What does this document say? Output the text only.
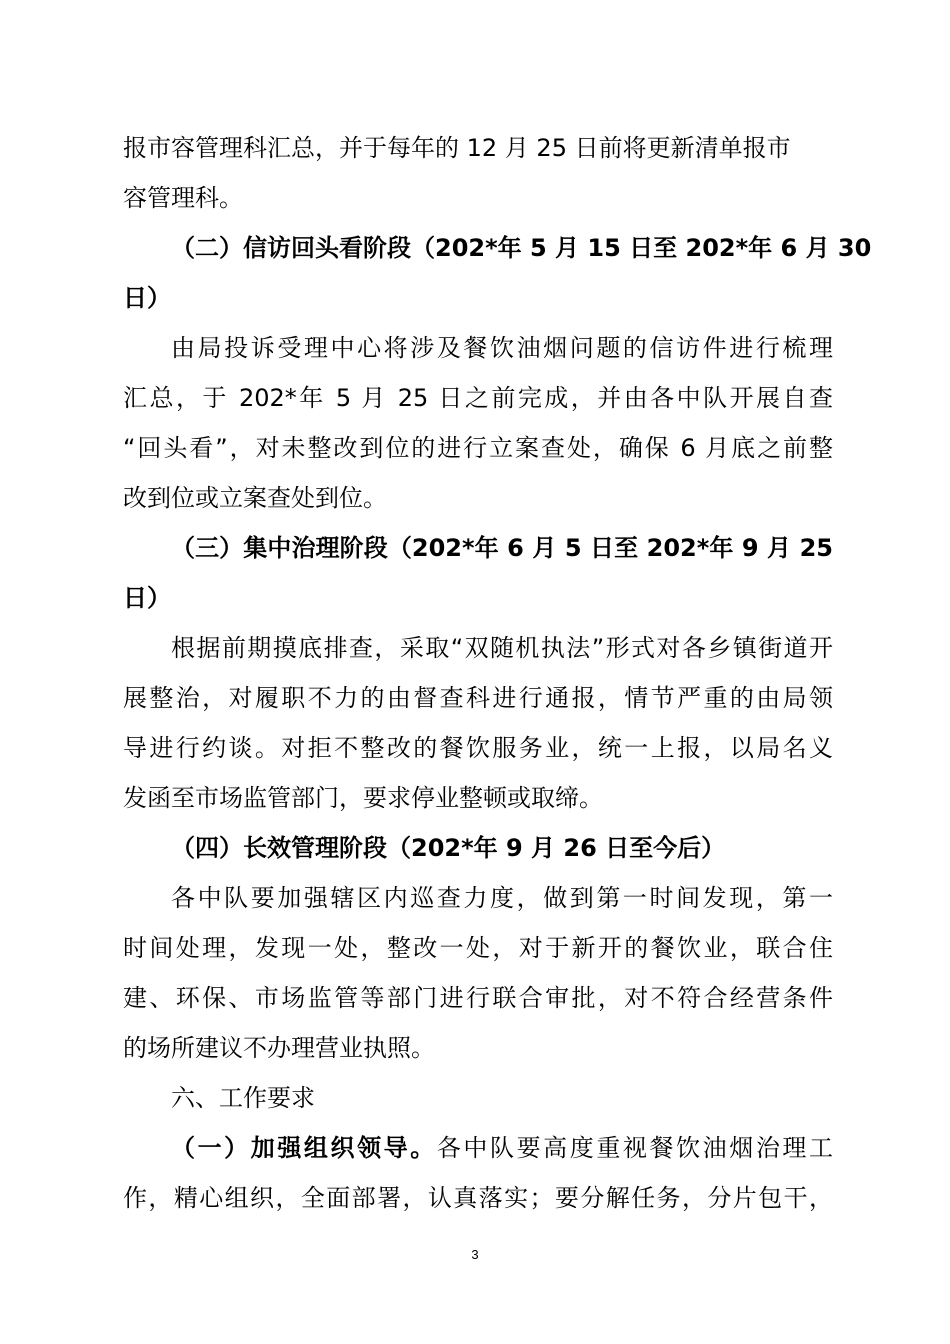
报市容管理科汇总，并于每年的 12 月 25 日前将更新清单报市
容管理科。
（二）信访回头看阶段（202*年 5 月 15 日至 202*年 6 月 30
日）
由局投诉受理中心将涉及餐饮油烟问题的信访件进行梳理
汇总，于 202*年 5 月 25 日之前完成，并由各中队开展自查
“回头看”，对未整改到位的进行立案查处，确保 6 月底之前整
改到位或立案查处到位。
（三）集中治理阶段（202*年 6 月 5 日至 202*年 9 月 25
日）
根据前期摸底排查，采取“双随机执法”形式对各乡镇街道开
展整治，对履职不力的由督查科进行通报，情节严重的由局领
导进行约谈。对拒不整改的餐饮服务业，统一上报，以局名义
发函至市场监管部门，要求停业整顿或取缔。
（四）长效管理阶段（202*年 9 月 26 日至今后）
各中队要加强辖区内巡查力度，做到第一时间发现，第一
时间处理，发现一处，整改一处，对于新开的餐饮业，联合住
建、环保、市场监管等部门进行联合审批，对不符合经营条件
的场所建议不办理营业执照。
六、工作要求
（一）加强组织领导。各中队要高度重视餐饮油烟治理工
作，精心组织，全面部署，认真落实；要分解任务，分片包干，
3
